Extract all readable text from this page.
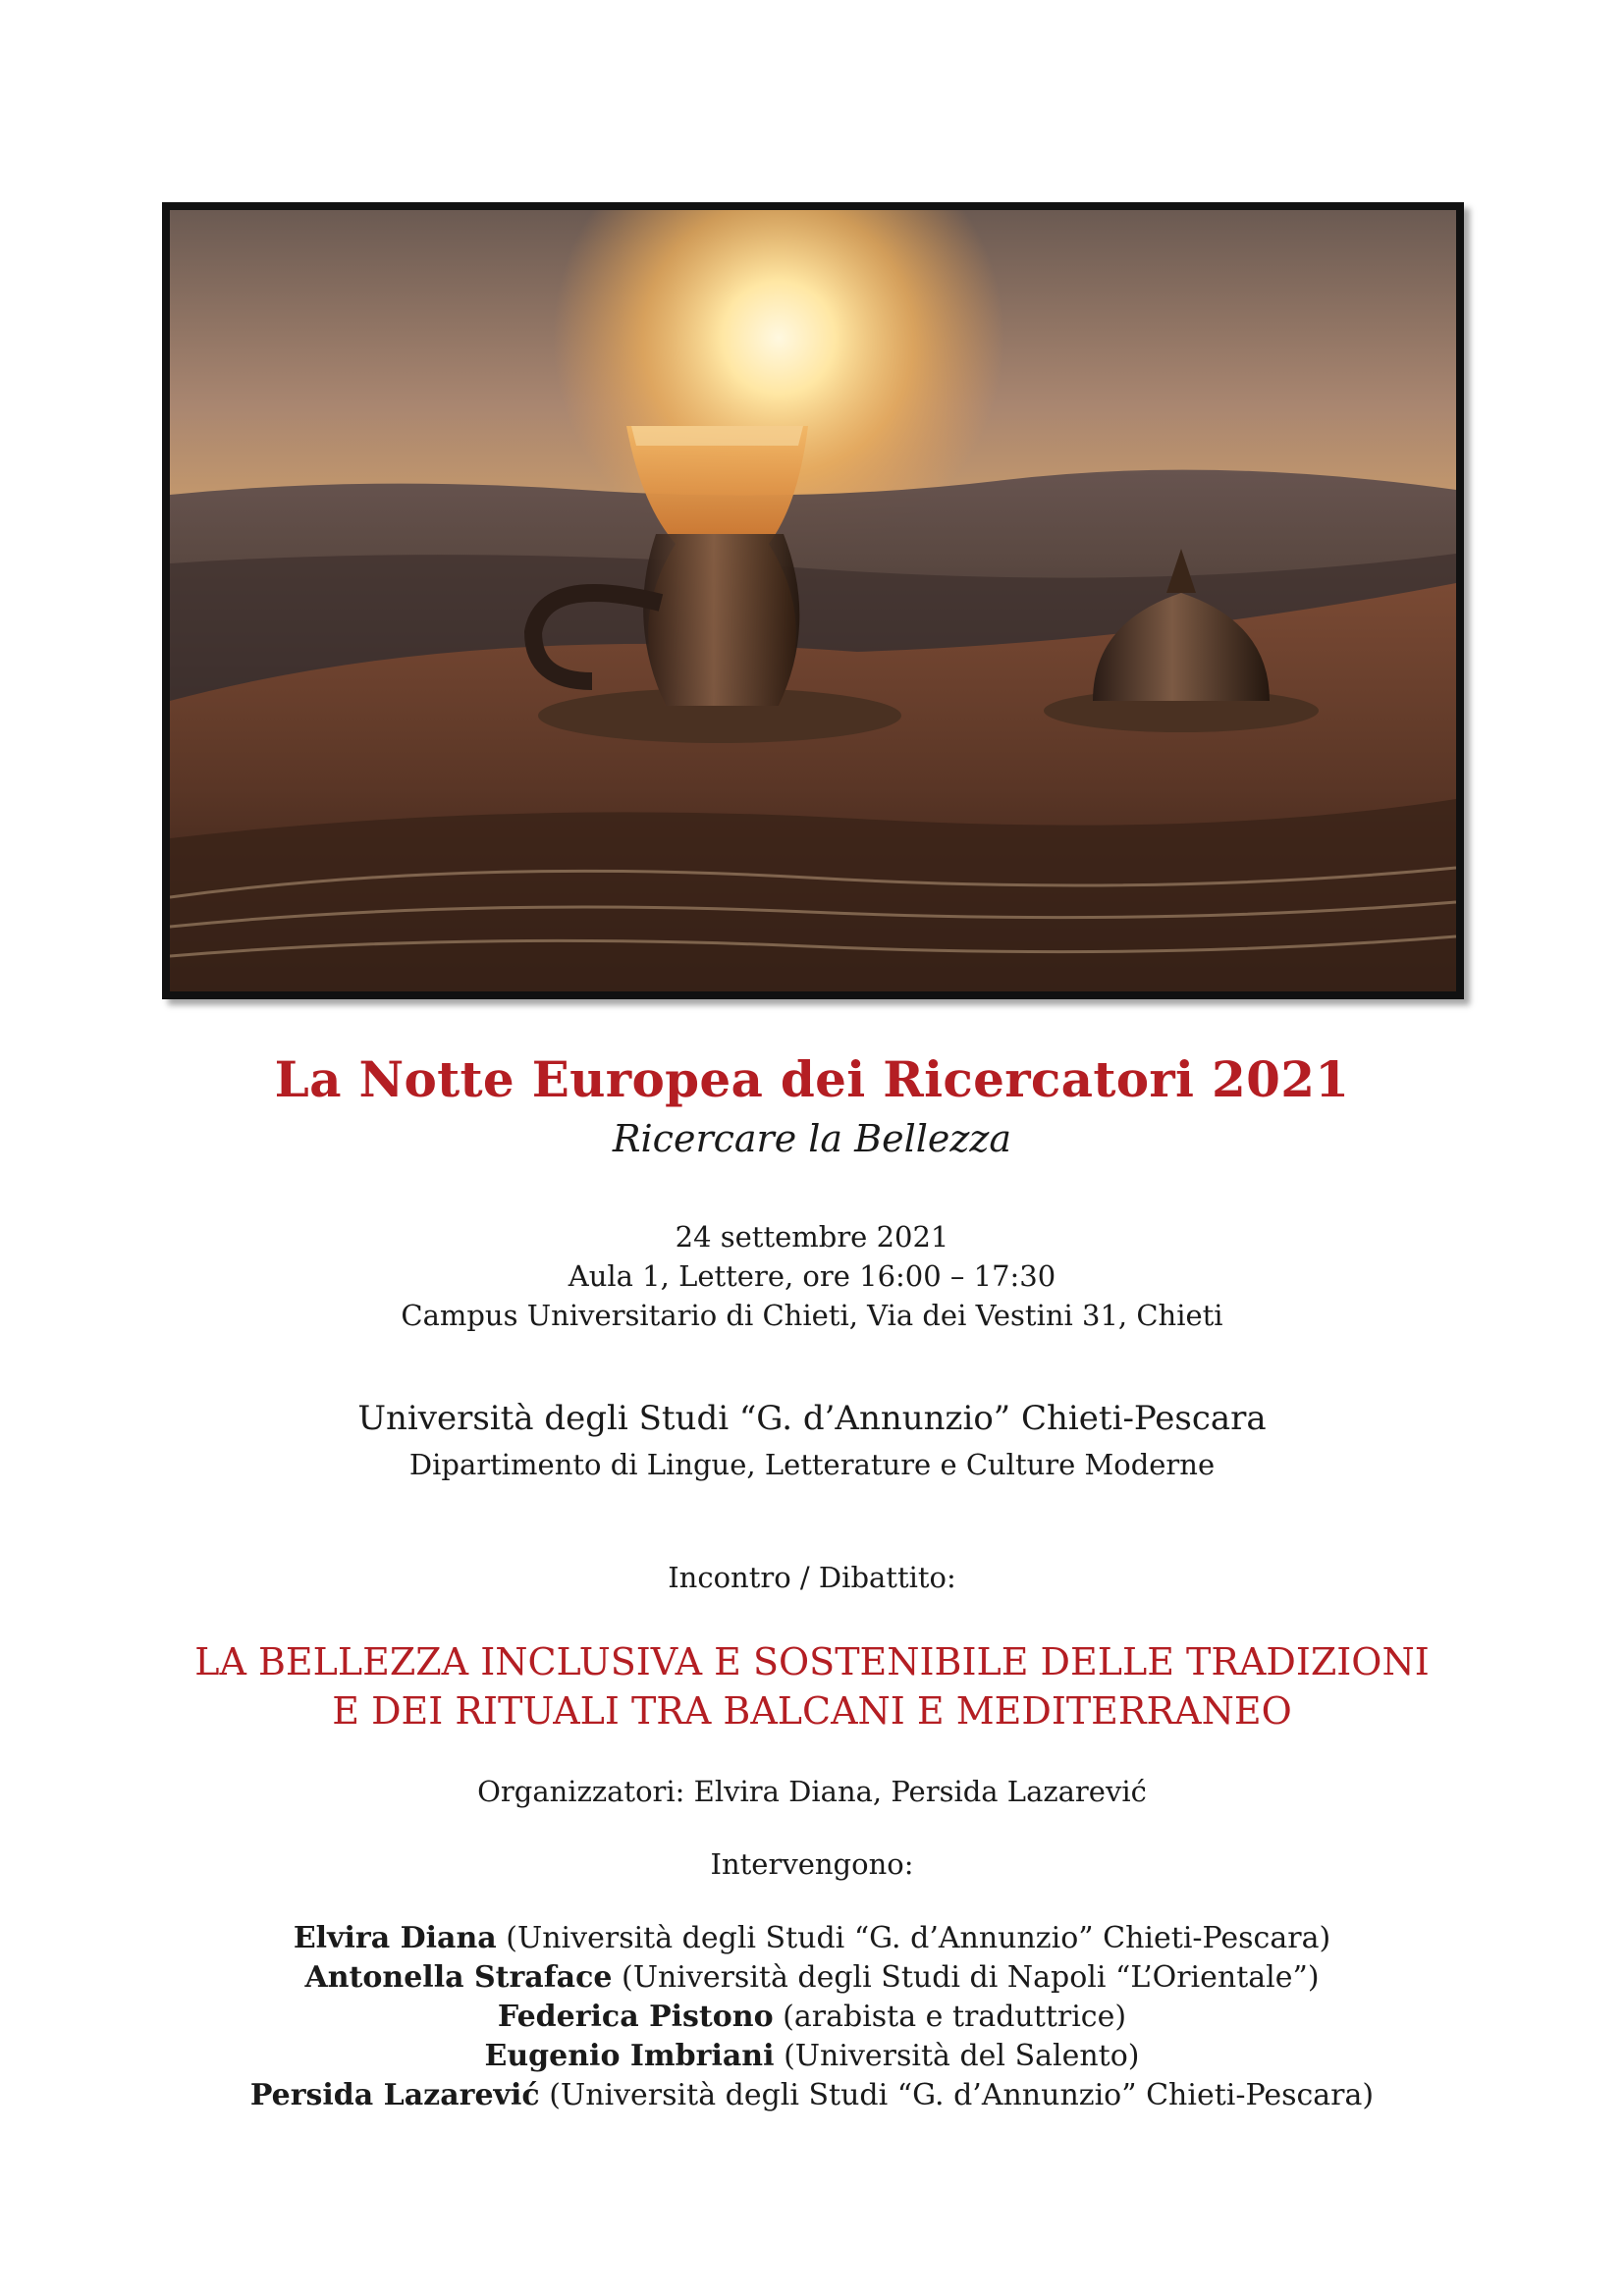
La Notte Europea dei Ricercatori 2021
Ricercare la Bellezza
24 settembre 2021
Aula 1, Lettere, ore 16:00 – 17:30
Campus Universitario di Chieti, Via dei Vestini 31, Chieti
Università degli Studi “G. d’Annunzio” Chieti-Pescara
Dipartimento di Lingue, Letterature e Culture Moderne
Incontro / Dibattito:
LA BELLEZZA INCLUSIVA E SOSTENIBILE DELLE TRADIZIONI
E DEI RITUALI TRA BALCANI E MEDITERRANEO
Organizzatori: Elvira Diana, Persida Lazarević
Intervengono:
Elvira Diana (Università degli Studi “G. d’Annunzio” Chieti-Pescara)
Antonella Straface (Università degli Studi di Napoli “L’Orientale”)
Federica Pistono (arabista e traduttrice)
Eugenio Imbriani (Università del Salento)
Persida Lazarević (Università degli Studi “G. d’Annunzio” Chieti-Pescara)
